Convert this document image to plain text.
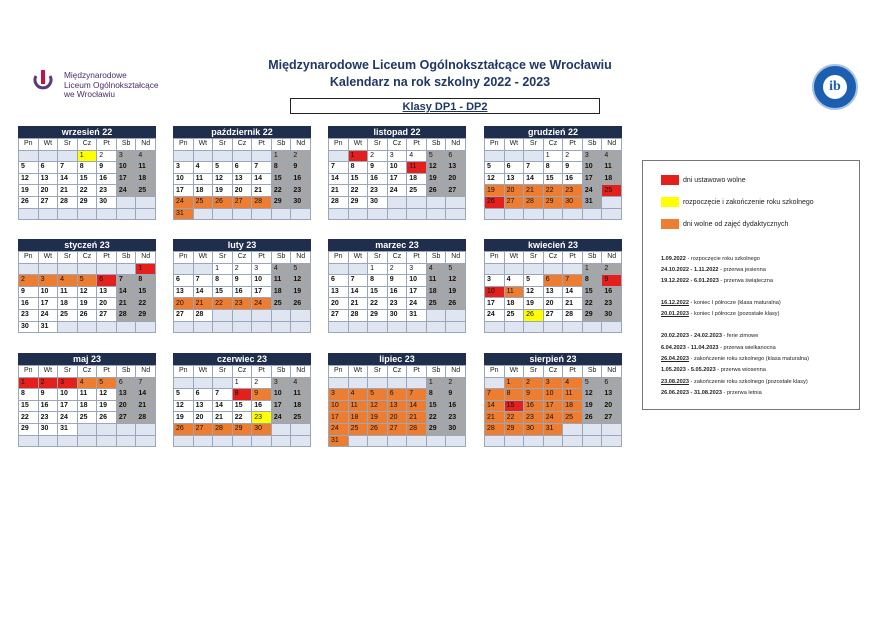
Międzynarodowe Liceum Ogólnokształcące we Wrocławiu
Kalendarz na rok szkolny 2022 - 2023
Międzynarodowe
Liceum Ogólnokształcące
we Wrocławiu	ib
Klasy DP1 - DP2
wrzesień 22
Pn	Wt	Śr	Cz	Pt	Sb	Nd
			1	2	3	4
5	6	7	8	9	10	11
12	13	14	15	16	17	18
19	20	21	22	23	24	25
26	27	28	29	30		

październik 22
Pn	Wt	Śr	Cz	Pt	Sb	Nd
					1	2
3	4	5	6	7	8	9
10	11	12	13	14	15	16
17	18	19	20	21	22	23
24	25	26	27	28	29	30
31						
listopad 22
Pn	Wt	Śr	Cz	Pt	Sb	Nd
	1	2	3	4	5	6
7	8	9	10	11	12	13
14	15	16	17	18	19	20
21	22	23	24	25	26	27
28	29	30				

grudzień 22
Pn	Wt	Śr	Cz	Pt	Sb	Nd
			1	2	3	4
5	6	7	8	9	10	11
12	13	14	15	16	17	18
19	20	21	22	23	24	25
26	27	28	29	30	31	

styczeń 23
Pn	Wt	Śr	Cz	Pt	Sb	Nd
						1
2	3	4	5	6	7	8
9	10	11	12	13	14	15
16	17	18	19	20	21	22
23	24	25	26	27	28	29
30	31					
luty 23
Pn	Wt	Śr	Cz	Pt	Sb	Nd
		1	2	3	4	5
6	7	8	9	10	11	12
13	14	15	16	17	18	19
20	21	22	23	24	25	26
27	28					

marzec 23
Pn	Wt	Śr	Cz	Pt	Sb	Nd
		1	2	3	4	5
6	7	8	9	10	11	12
13	14	15	16	17	18	19
20	21	22	23	24	25	26
27	28	29	30	31		

kwiecień 23
Pn	Wt	Śr	Cz	Pt	Sb	Nd
					1	2
3	4	5	6	7	8	9
10	11	12	13	14	15	16
17	18	19	20	21	22	23
24	25	26	27	28	29	30

maj 23
Pn	Wt	Śr	Cz	Pt	Sb	Nd
1	2	3	4	5	6	7
8	9	10	11	12	13	14
15	16	17	18	19	20	21
22	23	24	25	26	27	28
29	30	31				

czerwiec 23
Pn	Wt	Śr	Cz	Pt	Sb	Nd
			1	2	3	4
5	6	7	8	9	10	11
12	13	14	15	16	17	18
19	20	21	22	23	24	25
26	27	28	29	30		

lipiec 23
Pn	Wt	Śr	Cz	Pt	Sb	Nd
					1	2
3	4	5	6	7	8	9
10	11	12	13	14	15	16
17	18	19	20	21	22	23
24	25	26	27	28	29	30
31						
sierpień 23
Pn	Wt	Śr	Cz	Pt	Sb	Nd
	1	2	3	4	5	6
7	8	9	10	11	12	13
14	15	16	17	18	19	20
21	22	23	24	25	26	27
28	29	30	31			

dni ustawowo wolne
rozpoczęcie i zakończenie roku szkolnego
dni wolne od zajęć dydaktycznych
1.09.2022 - rozpoczęcie roku szkolnego
24.10.2022 - 1.11.2022 - przerwa jesienna
19.12.2022 - 6.01.2023 - przerwa świąteczna
16.12.2022 - koniec I półrocze (klasa maturalna)
20.01.2023 - koniec I półrocze (pozostałe klasy)
20.02.2023 - 24.02.2023 - ferie zimowe
6.04.2023 - 11.04.2023 - przerwa wielkanocna
26.04.2023 - zakończenie roku szkolnego (klasa maturalna)
1.05.2023 - 5.05.2023 - przerwa wiosenna
23.08.2023 - zakończenie roku szkolnego (pozostałe klasy)
26.06.2023 - 31.08.2023 - przerwa letnia
